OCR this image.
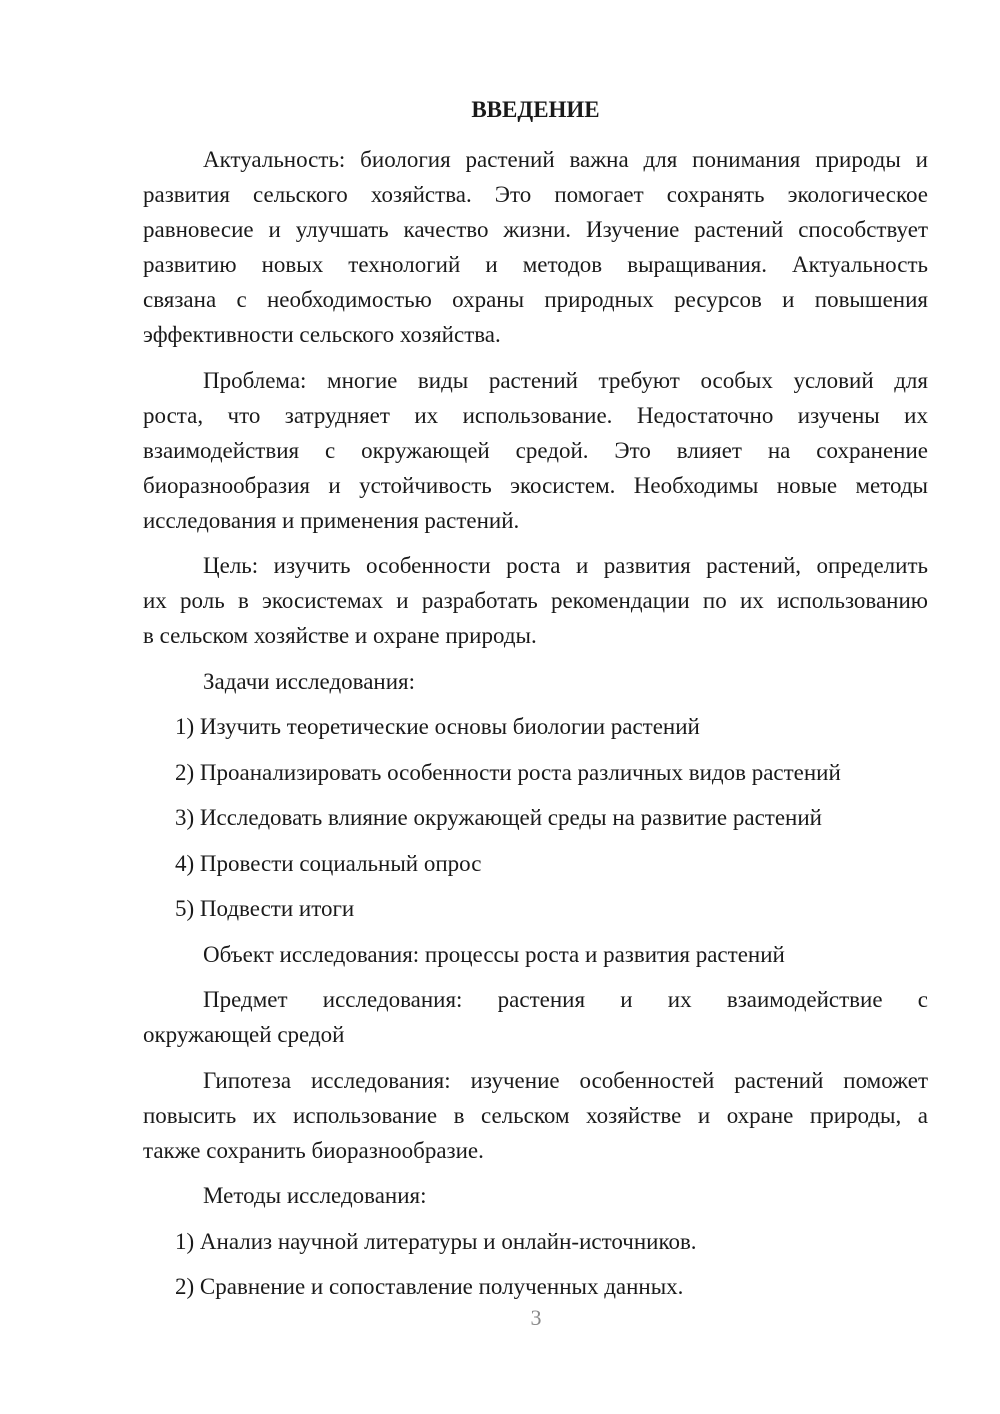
ВВЕДЕНИЕ
Актуальность: биология растений важна для понимания природы и
развития сельского хозяйства. Это помогает сохранять экологическое
равновесие и улучшать качество жизни. Изучение растений способствует
развитию новых технологий и методов выращивания. Актуальность
связана с необходимостью охраны природных ресурсов и повышения
эффективности сельского хозяйства.
Проблема: многие виды растений требуют особых условий для
роста, что затрудняет их использование. Недостаточно изучены их
взаимодействия с окружающей средой. Это влияет на сохранение
биоразнообразия и устойчивость экосистем. Необходимы новые методы
исследования и применения растений.
Цель: изучить особенности роста и развития растений, определить
их роль в экосистемах и разработать рекомендации по их использованию
в сельском хозяйстве и охране природы.
Задачи исследования:
1) Изучить теоретические основы биологии растений
2) Проанализировать особенности роста различных видов растений
3) Исследовать влияние окружающей среды на развитие растений
4) Провести социальный опрос
5) Подвести итоги
Объект исследования: процессы роста и развития растений
Предмет исследования: растения и их взаимодействие с
окружающей средой
Гипотеза исследования: изучение особенностей растений поможет
повысить их использование в сельском хозяйстве и охране природы, а
также сохранить биоразнообразие.
Методы исследования:
1) Анализ научной литературы и онлайн-источников.
2) Сравнение и сопоставление полученных данных.
3
